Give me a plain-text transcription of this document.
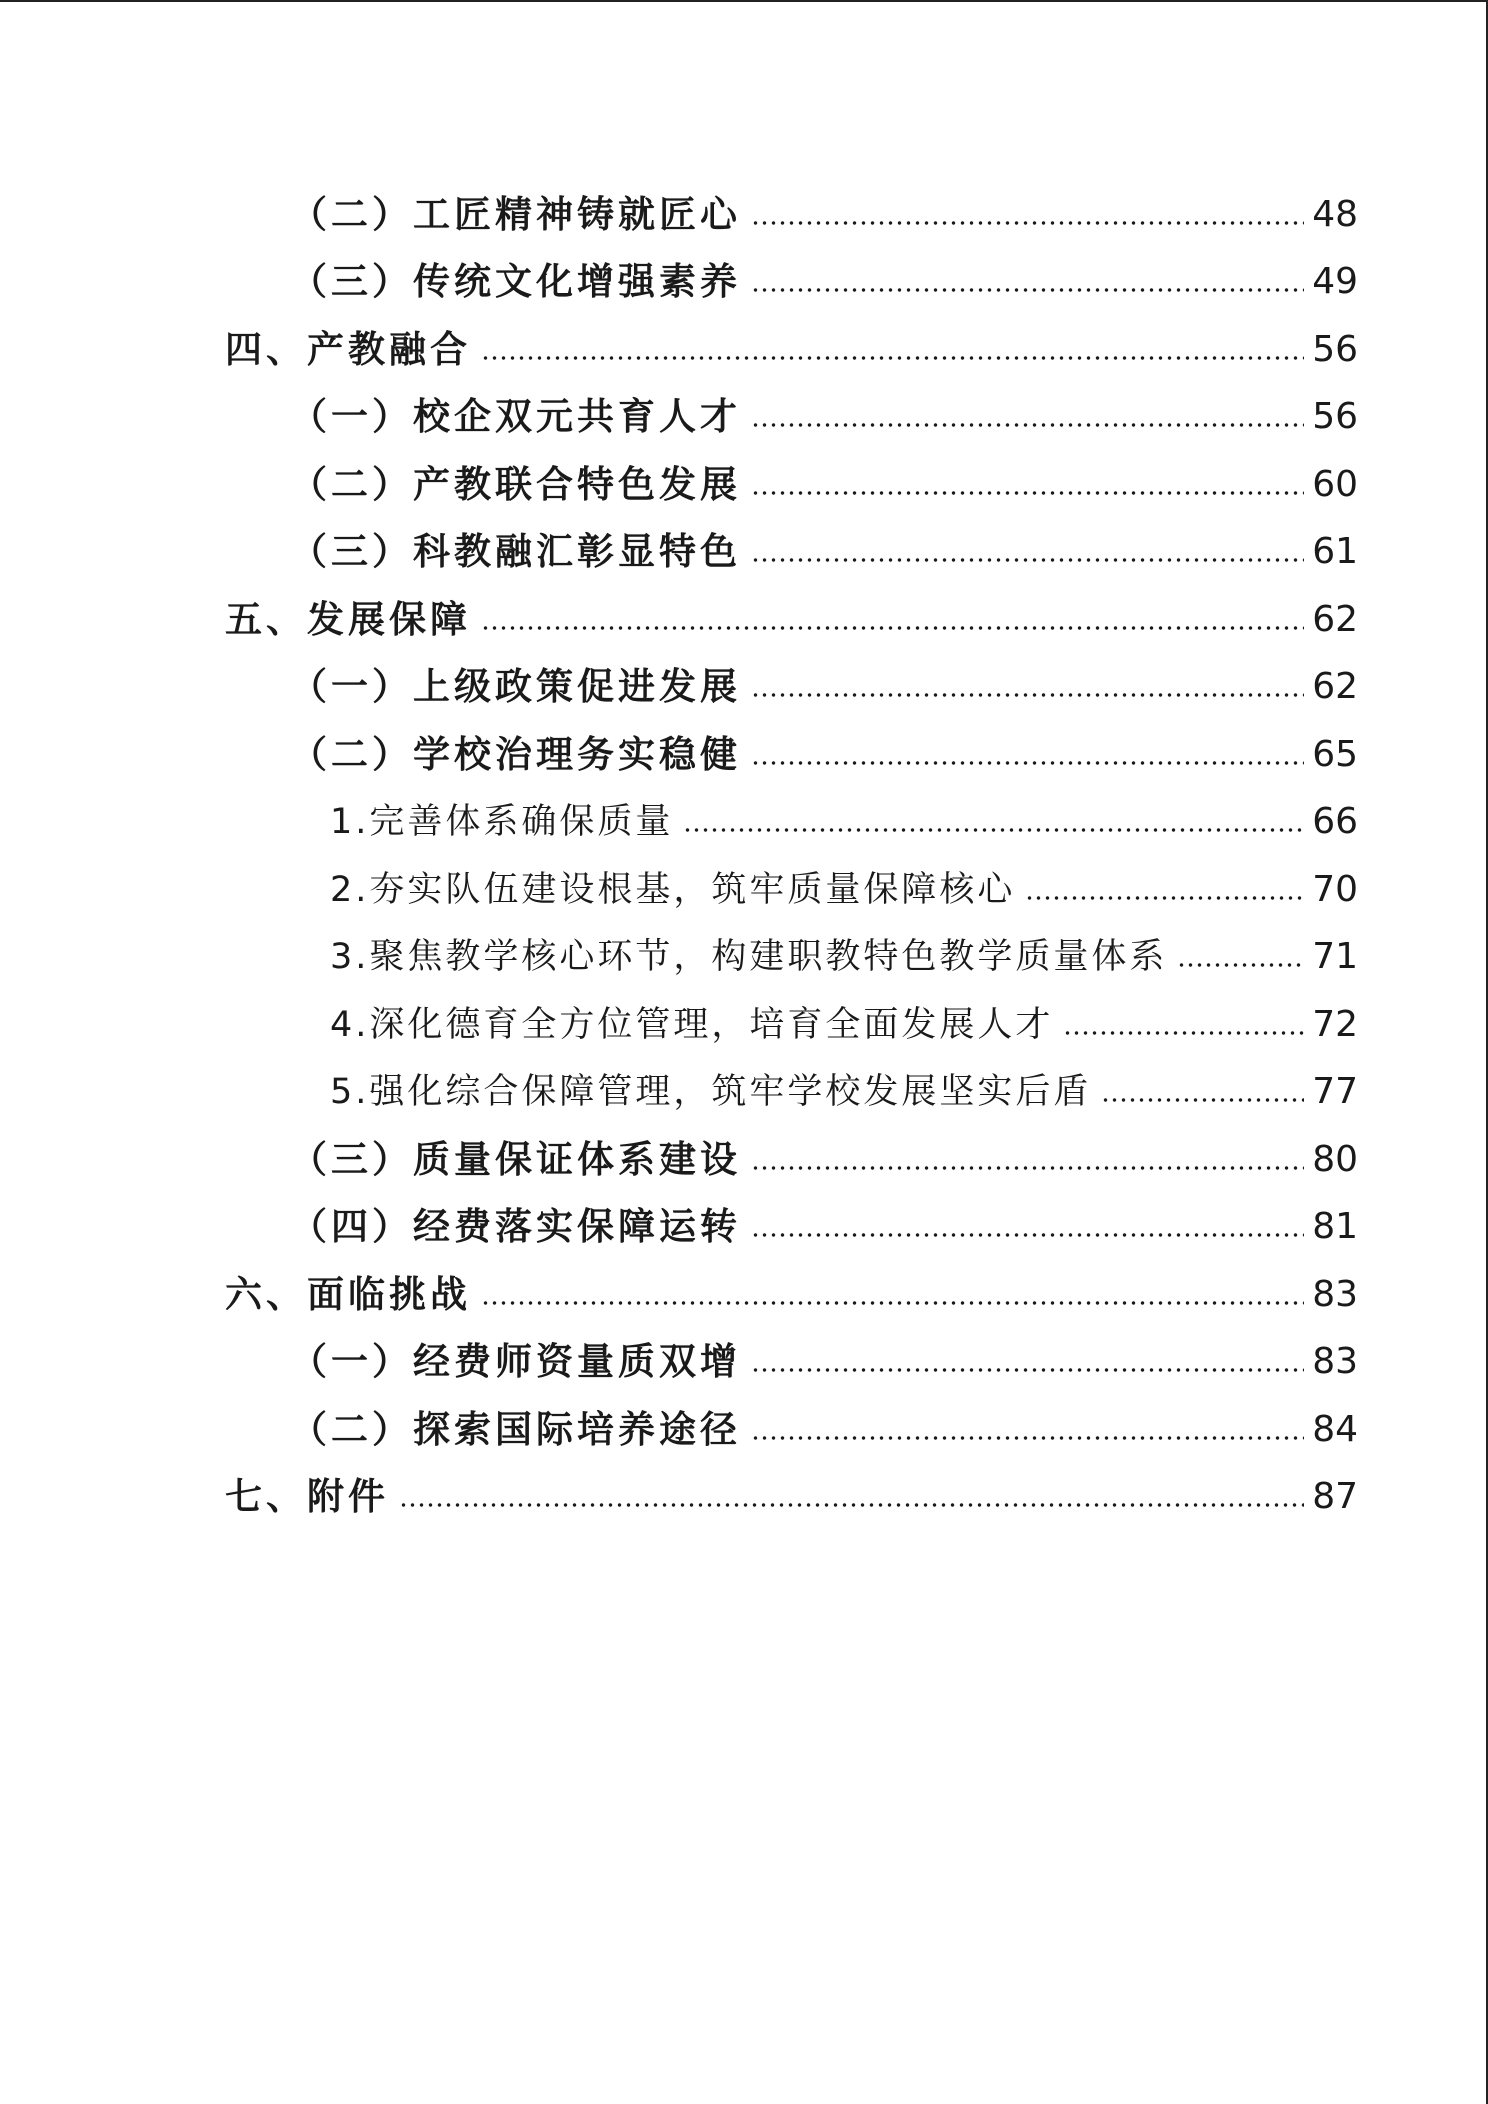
（二）工匠精神铸就匠心	48
（三）传统文化增强素养	49
四、产教融合	56
（一）校企双元共育人才	56
（二）产教联合特色发展	60
（三）科教融汇彰显特色	61
五、发展保障	62
（一）上级政策促进发展	62
（二）学校治理务实稳健	65
1.完善体系确保质量	66
2.夯实队伍建设根基，筑牢质量保障核心	70
3.聚焦教学核心环节，构建职教特色教学质量体系	71
4.深化德育全方位管理，培育全面发展人才	72
5.强化综合保障管理，筑牢学校发展坚实后盾	77
（三）质量保证体系建设	80
（四）经费落实保障运转	81
六、面临挑战	83
（一）经费师资量质双增	83
（二）探索国际培养途径	84
七、附件	87
